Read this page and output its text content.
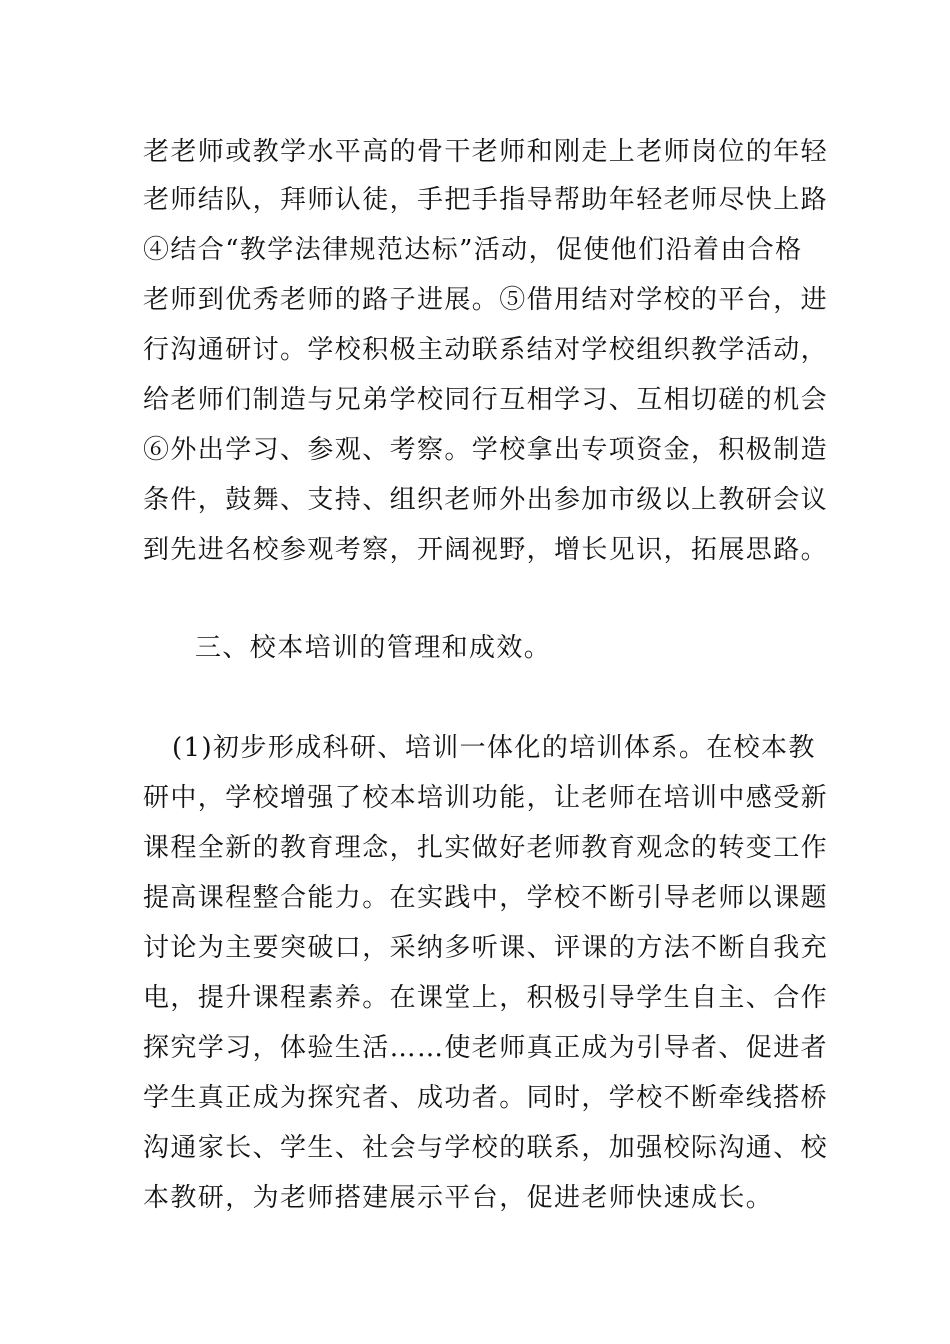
老老师或教学水平高的骨干老师和刚走上老师岗位的年轻
老师结队，拜师认徒，手把手指导帮助年轻老师尽快上路
④结合“教学法律规范达标”活动，促使他们沿着由合格
老师到优秀老师的路子进展。⑤借用结对学校的平台，进
行沟通研讨。学校积极主动联系结对学校组织教学活动，
给老师们制造与兄弟学校同行互相学习、互相切磋的机会
⑥外出学习、参观、考察。学校拿出专项资金，积极制造
条件，鼓舞、支持、组织老师外出参加市级以上教研会议
到先进名校参观考察，开阔视野，增长见识，拓展思路。
三、校本培训的管理和成效。
(1)初步形成科研、培训一体化的培训体系。在校本教
研中，学校增强了校本培训功能，让老师在培训中感受新
课程全新的教育理念，扎实做好老师教育观念的转变工作
提高课程整合能力。在实践中，学校不断引导老师以课题
讨论为主要突破口，采纳多听课、评课的方法不断自我充
电，提升课程素养。在课堂上，积极引导学生自主、合作
探究学习，体验生活……使老师真正成为引导者、促进者
学生真正成为探究者、成功者。同时，学校不断牵线搭桥
沟通家长、学生、社会与学校的联系，加强校际沟通、校
本教研，为老师搭建展示平台，促进老师快速成长。
